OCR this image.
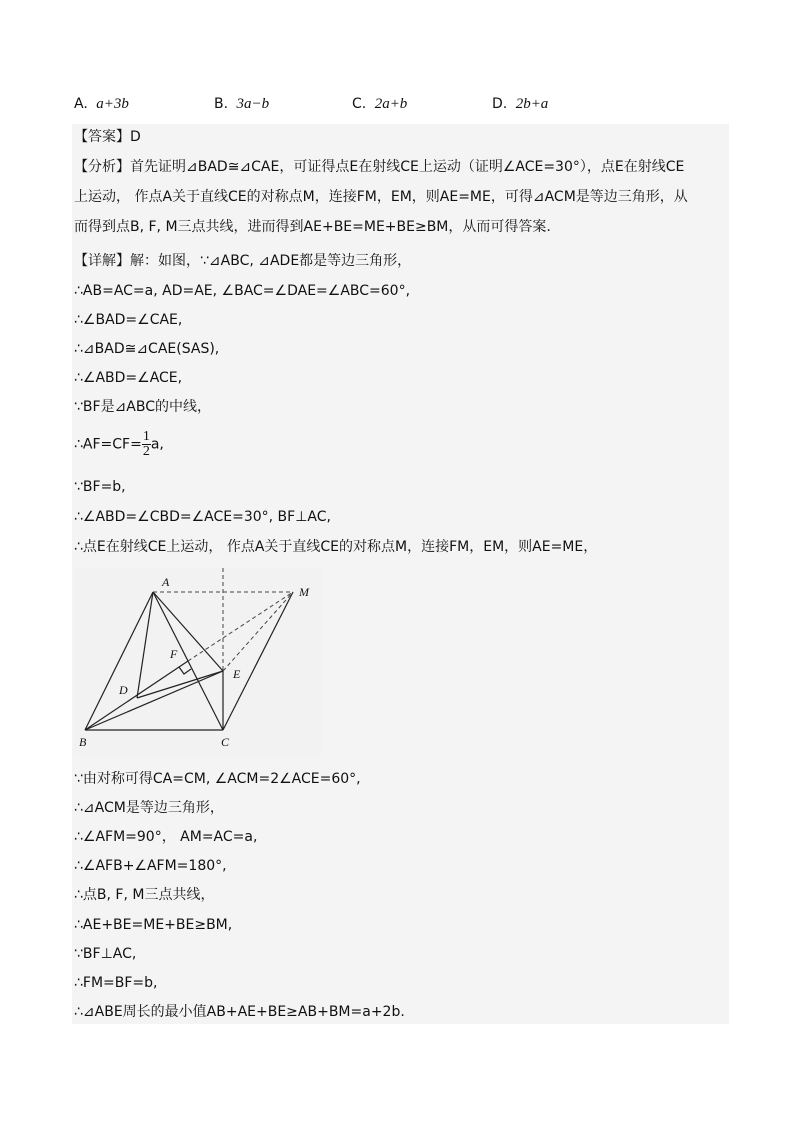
A. a+3b	B. 3a−b	C. 2a+b	D. 2b+a
【答案】D
【分析】首先证明⊿BAD≅⊿CAE，可证得点E在射线CE上运动（证明∠ACE=30°），点E在射线CE
上运动， 作点A关于直线CE的对称点M，连接FM，EM，则AE=ME，可得⊿ACM是等边三角形，从
而得到点B, F, M三点共线，进而得到AE+BE=ME+BE≥BM，从而可得答案.
【详解】解：如图，∵⊿ABC, ⊿ADE都是等边三角形，
∴AB=AC=a, AD=AE, ∠BAC=∠DAE=∠ABC=60°,
∴∠BAD=∠CAE,
∴⊿BAD≅⊿CAE(SAS),
∴∠ABD=∠ACE,
∵BF是⊿ABC的中线，
∴AF=CF= $\frac{1}{2} a$,
∵BF=b,
∴∠ABD=∠CBD=∠ACE=30°, BF⊥AC,
∴点E在射线CE上运动， 作点A关于直线CE的对称点M，连接FM，EM，则AE=ME，
A
B	C
D
E
F
M
∵由对称可得CA=CM, ∠ACM=2∠ACE=60°,
∴⊿ACM是等边三角形，
∴∠AFM=90°， AM=AC=a,
∴∠AFB+∠AFM=180°,
∴点B, F, M三点共线，
∴AE+BE=ME+BE≥BM,
∵BF⊥AC,
∴FM=BF=b,
∴⊿ABE周长的最小值AB+AE+BE≥AB+BM=a+2b.
